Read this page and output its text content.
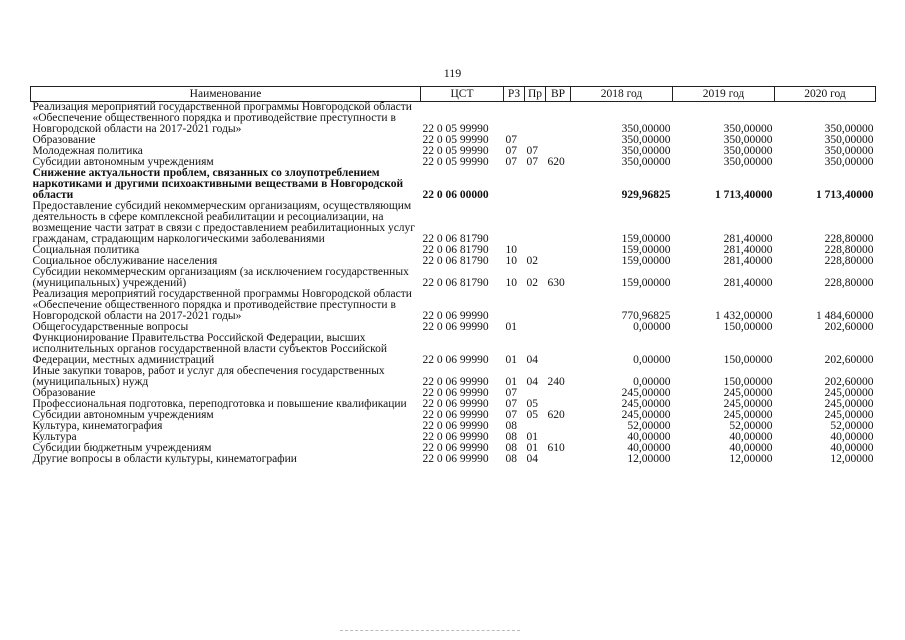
119
Наименование	ЦСТ	РЗ	Пр	ВР	2018 год	2019 год	2020 год
Реализация мероприятий государственной программы Новгородской области «Обеспечение общественного порядка и противодействие преступности в Новгородской области на 2017-2021 годы»	22 0 05 99990				350,00000	350,00000	350,00000
Образование	22 0 05 99990	07			350,00000	350,00000	350,00000
Молодежная политика	22 0 05 99990	07	07		350,00000	350,00000	350,00000
Субсидии автономным учреждениям	22 0 05 99990	07	07	620	350,00000	350,00000	350,00000
Снижение актуальности проблем, связанных со злоупотреблением наркотиками и другими психоактивными веществами в Новгородской области	22 0 06 00000				929,96825	1 713,40000	1 713,40000
Предоставление субсидий некоммерческим организациям, осуществляющим деятельность в сфере комплексной реабилитации и ресоциализации, на возмещение части затрат в связи с предоставлением реабилитационных услуг гражданам, страдающим наркологическими заболеваниями	22 0 06 81790				159,00000	281,40000	228,80000
Социальная политика	22 0 06 81790	10			159,00000	281,40000	228,80000
Социальное обслуживание населения	22 0 06 81790	10	02		159,00000	281,40000	228,80000
Субсидии некоммерческим организациям (за исключением государственных (муниципальных) учреждений)	22 0 06 81790	10	02	630	159,00000	281,40000	228,80000
Реализация мероприятий государственной программы Новгородской области «Обеспечение общественного порядка и противодействие преступности в Новгородской области на 2017-2021 годы»	22 0 06 99990				770,96825	1 432,00000	1 484,60000
Общегосударственные вопросы	22 0 06 99990	01			0,00000	150,00000	202,60000
Функционирование Правительства Российской Федерации, высших исполнительных органов государственной власти субъектов Российской Федерации, местных администраций	22 0 06 99990	01	04		0,00000	150,00000	202,60000
Иные закупки товаров, работ и услуг для обеспечения государственных (муниципальных) нужд	22 0 06 99990	01	04	240	0,00000	150,00000	202,60000
Образование	22 0 06 99990	07			245,00000	245,00000	245,00000
Профессиональная подготовка, переподготовка и повышение квалификации	22 0 06 99990	07	05		245,00000	245,00000	245,00000
Субсидии автономным учреждениям	22 0 06 99990	07	05	620	245,00000	245,00000	245,00000
Культура, кинематография	22 0 06 99990	08			52,00000	52,00000	52,00000
Культура	22 0 06 99990	08	01		40,00000	40,00000	40,00000
Субсидии бюджетным учреждениям	22 0 06 99990	08	01	610	40,00000	40,00000	40,00000
Другие вопросы в области культуры, кинематографии	22 0 06 99990	08	04		12,00000	12,00000	12,00000
